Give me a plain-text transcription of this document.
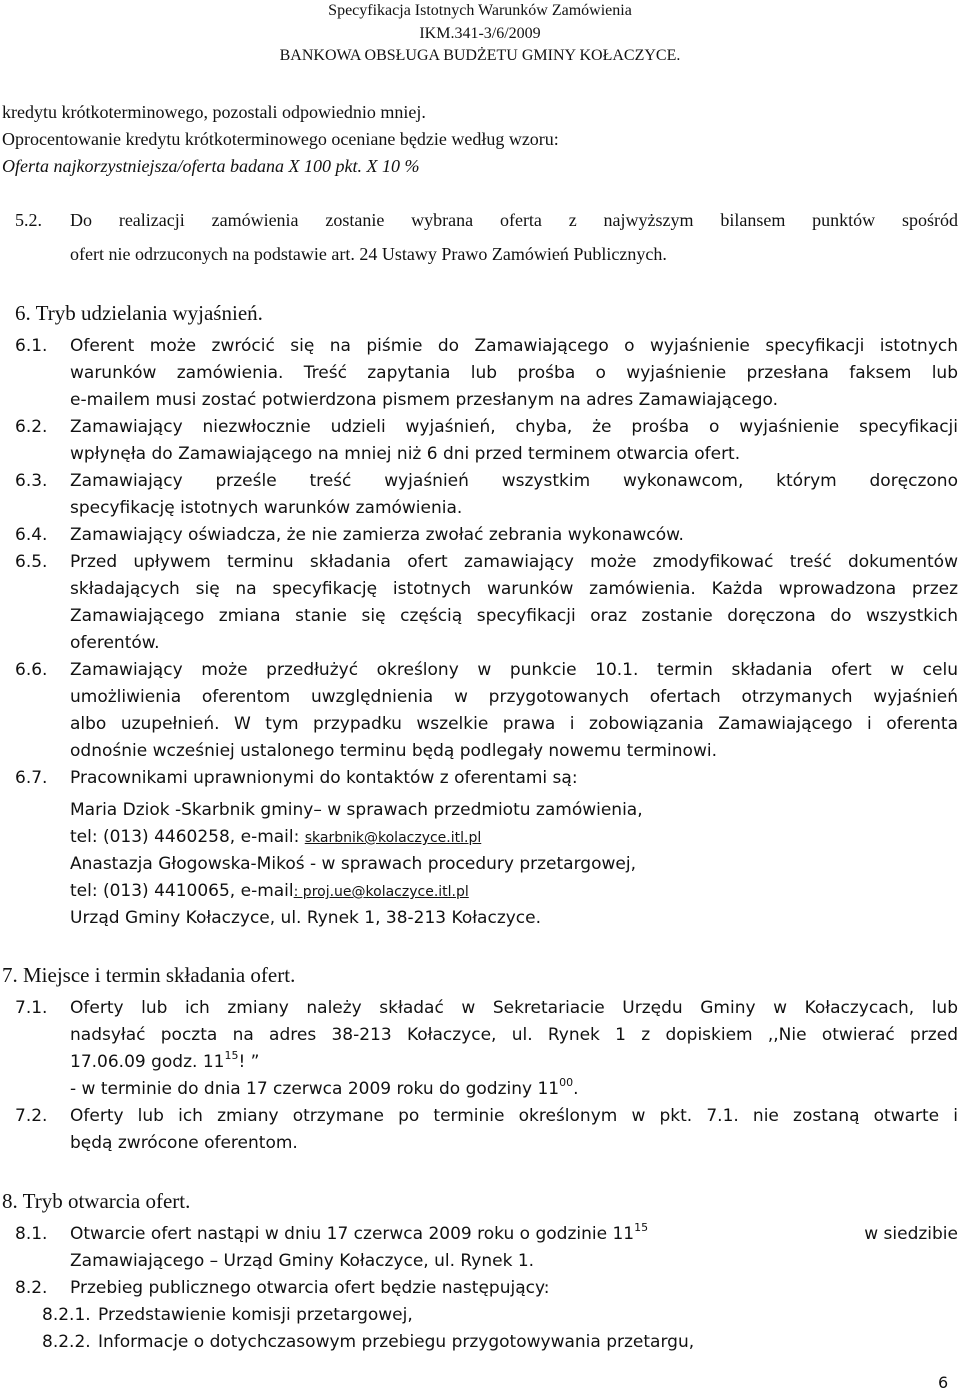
Specyfikacja Istotnych Warunków Zamówienia
IKM.341-3/6/2009
BANKOWA OBSŁUGA BUDŻETU GMINY KOŁACZYCE.
kredytu krótkoterminowego, pozostali odpowiednio mniej.
Oprocentowanie kredytu krótkoterminowego oceniane będzie według wzoru:
Oferta najkorzystniejsza/oferta badana X 100 pkt. X 10 %
5.2. Do realizacji zamówienia zostanie wybrana oferta z najwyższym bilansem punktów spośród
ofert nie odrzuconych na podstawie art. 24 Ustawy Prawo Zamówień Publicznych.
6. Tryb udzielania wyjaśnień.
6.1. Oferent może zwrócić się na piśmie do Zamawiającego o wyjaśnienie specyfikacji istotnych
warunków zamówienia. Treść zapytania lub prośba o wyjaśnienie przesłana faksem lub
e-mailem musi zostać potwierdzona pismem przesłanym na adres Zamawiającego.
6.2. Zamawiający niezwłocznie udzieli wyjaśnień, chyba, że prośba o wyjaśnienie specyfikacji
wpłynęła do Zamawiającego na mniej niż 6 dni przed terminem otwarcia ofert.
6.3. Zamawiający prześle treść wyjaśnień wszystkim wykonawcom, którym doręczono
specyfikację istotnych warunków zamówienia.
6.4. Zamawiający oświadcza, że nie zamierza zwołać zebrania wykonawców.
6.5. Przed upływem terminu składania ofert zamawiający może zmodyfikować treść dokumentów
składających się na specyfikację istotnych warunków zamówienia. Każda wprowadzona przez
Zamawiającego zmiana stanie się częścią specyfikacji oraz zostanie doręczona do wszystkich
oferentów.
6.6. Zamawiający może przedłużyć określony w punkcie 10.1. termin składania ofert w celu
umożliwienia oferentom uwzględnienia w przygotowanych ofertach otrzymanych wyjaśnień
albo uzupełnień. W tym przypadku wszelkie prawa i zobowiązania Zamawiającego i oferenta
odnośnie wcześniej ustalonego terminu będą podlegały nowemu terminowi.
6.7. Pracownikami uprawnionymi do kontaktów z oferentami są:
Maria Dziok -Skarbnik gminy– w sprawach przedmiotu zamówienia,
tel: (013) 4460258, e-mail: skarbnik@kolaczyce.itl.pl
Anastazja Głogowska-Mikoś - w sprawach procedury przetargowej,
tel: (013) 4410065, e-mail: proj.ue@kolaczyce.itl.pl
Urząd Gminy Kołaczyce, ul. Rynek 1, 38-213 Kołaczyce.
7. Miejsce i termin składania ofert.
7.1. Oferty lub ich zmiany należy składać w Sekretariacie Urzędu Gminy w Kołaczycach, lub
nadsyłać poczta na adres 38-213 Kołaczyce, ul. Rynek 1 z dopiskiem ,,Nie otwierać przed
17.06.09 godz. $11^{15}$! ”
- w terminie do dnia 17 czerwca 2009 roku do godziny $11^{00}$.
7.2. Oferty lub ich zmiany otrzymane po terminie określonym w pkt. 7.1. nie zostaną otwarte i
będą zwrócone oferentom.
8. Tryb otwarcia ofert.
8.1. Otwarcie ofert nastąpi w dniu 17 czerwca 2009 roku o godzinie $11^{15}$	w siedzibie
Zamawiającego – Urząd Gminy Kołaczyce, ul. Rynek 1.
8.2. Przebieg publicznego otwarcia ofert będzie następujący:
8.2.1. Przedstawienie komisji przetargowej,
8.2.2. Informacje o dotychczasowym przebiegu przygotowywania przetargu,
6
